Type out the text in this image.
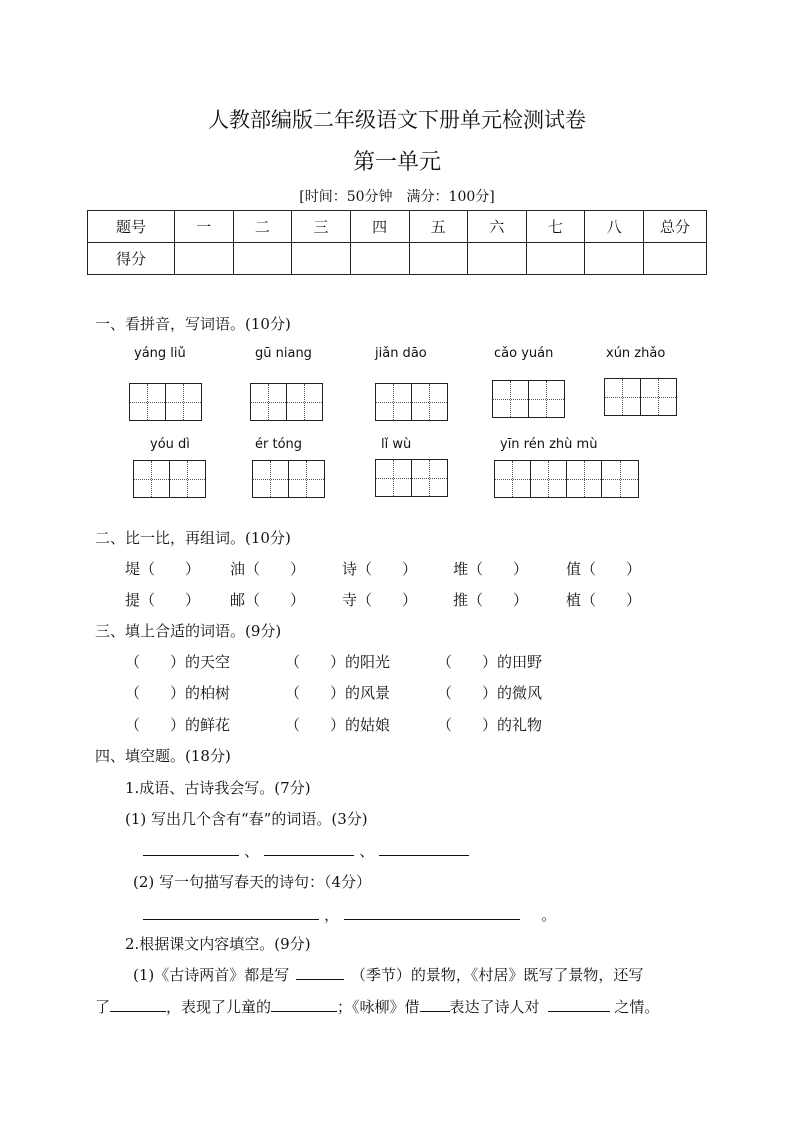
人教部编版二年级语文下册单元检测试卷
第一单元
[时间：50分钟　满分：100分]
题号	一	二	三	四	五	六	七	八	总分
得分									
一、看拼音，写词语。(10分)
yáng liǔ	gū niang	jiǎn dāo	cǎo yuán	xún zhǎo
yóu dì	ér tóng	lǐ wù	yīn rén zhù mù
二、比一比，再组词。(10分)
堤（　　） 油（　　） 诗（　　） 堆（　　）	值（　　）
提（　　） 邮（　　） 寺（　　） 推（　　）	植（　　）
三、填上合适的词语。(9分)
（　　）的天空	（　　）的阳光	（　　）的田野
（　　）的柏树	（　　）的风景	（　　）的微风
（　　）的鲜花	（　　）的姑娘	（　　）的礼物
四、填空题。(18分)
1.成语、古诗我会写。(7分)
(1) 写出几个含有“春”的词语。(3分)
、	、
(2) 写一句描写春天的诗句：（4分）
，	。
2.根据课文内容填空。(9分)
(1)《古诗两首》都是写	（季节）的景物，《村居》既写了景物，还写
了	，表现了儿童的	；《咏柳》借 表达了诗人对	之情。
